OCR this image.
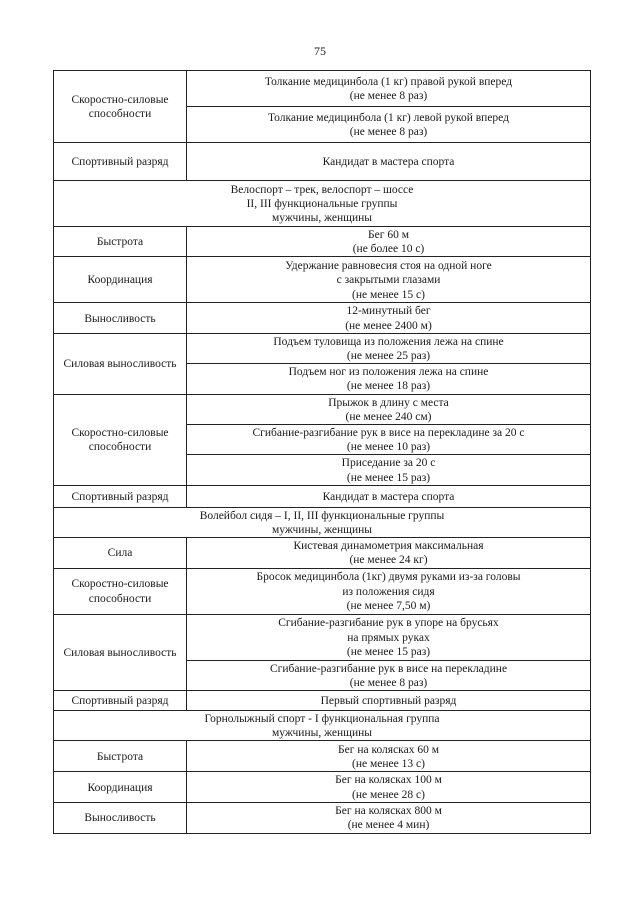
75
Скоростно-силовые
способности	Толкание медицинбола (1 кг) правой рукой вперед
(не менее 8 раз)
	Толкание медицинбола (1 кг) левой рукой вперед
(не менее 8 раз)
Спортивный разряд	Кандидат в мастера спорта

Велоспорт – трек, велоспорт – шоссе
II, III функциональные группы
мужчины, женщины	

Быстрота	Бег 60 м
(не более 10 с)
Координация	Удержание равновесия стоя на одной ноге
с закрытыми глазами
(не менее 15 с)
Выносливость	12-минутный бег
(не менее 2400 м)
Силовая выносливость	Подъем туловища из положения лежа на спине
(не менее 25 раз)
	Подъем ног из положения лежа на спине
(не менее 18 раз)
Скоростно-силовые
способности	Прыжок в длину с места
(не менее 240 см)
	Сгибание-разгибание рук в висе на перекладине за 20 с
(не менее 10 раз)
	Приседание за 20 с
(не менее 15 раз)
Спортивный разряд	Кандидат в мастера спорта

Волейбол сидя – I, II, III функциональные группы
мужчины, женщины	

Сила	Кистевая динамометрия максимальная
(не менее 24 кг)
Скоростно-силовые
способности	Бросок медицинбола (1кг) двумя руками из-за головы
из положения сидя
(не менее 7,50 м)
Силовая выносливость	Сгибание-разгибание рук в упоре на брусьях
на прямых руках
(не менее 15 раз)
	Сгибание-разгибание рук в висе на перекладине
(не менее 8 раз)
Спортивный разряд	Первый спортивный разряд

Горнолыжный спорт - I функциональная группа
мужчины, женщины	

Быстрота	Бег на колясках 60 м
(не менее 13 с)
Координация	Бег на колясках 100 м
(не менее 28 с)
Выносливость	Бег на колясках 800 м
(не менее 4 мин)
